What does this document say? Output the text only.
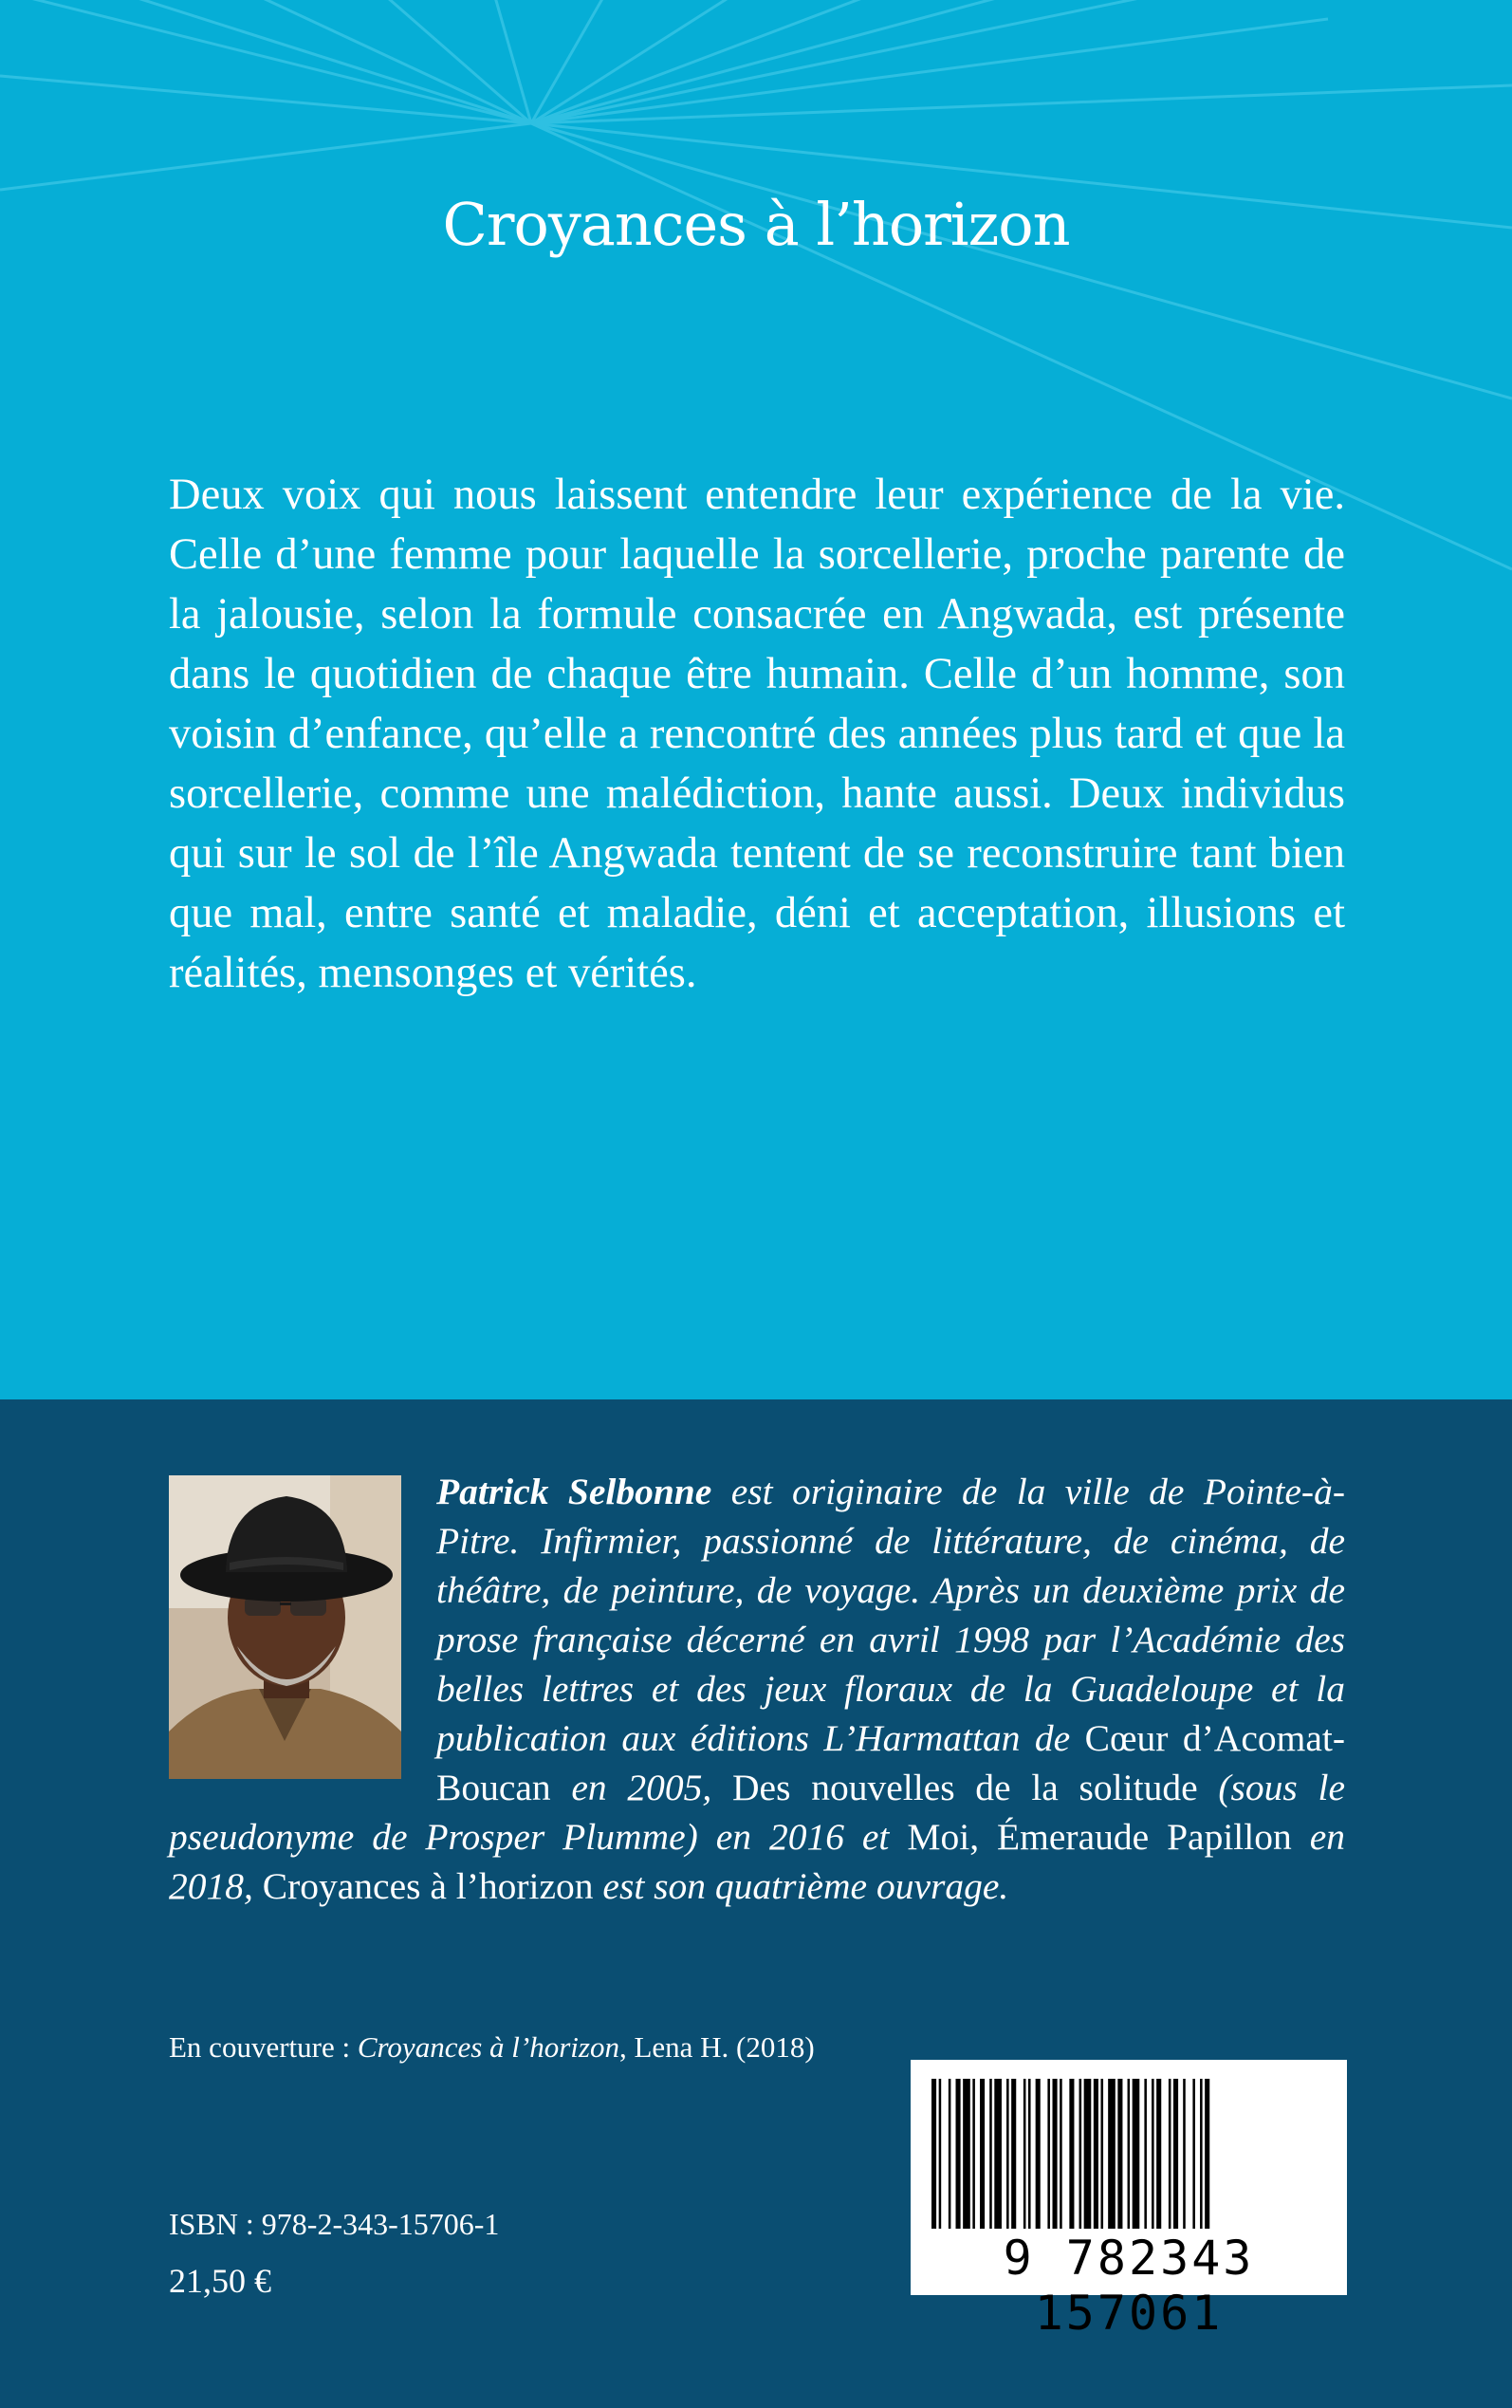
Croyances à l’horizon

Deux voix qui nous laissent entendre leur expérience de la vie. Celle d’une femme pour laquelle la sorcellerie, proche parente de la jalousie, selon la formule consacrée en Angwada, est présente dans le quotidien de chaque être humain. Celle d’un homme, son voisin d’enfance, qu’elle a rencontré des années plus tard et que la sorcellerie, comme une malédiction, hante aussi. Deux individus qui sur le sol de l’île Angwada tentent de se reconstruire tant bien que mal, entre santé et maladie, déni et acceptation, illusions et réalités, mensonges et vérités.

Patrick Selbonne est originaire de la ville de Pointe-à-Pitre. Infirmier, passionné de littérature, de cinéma, de théâtre, de peinture, de voyage. Après un deuxième prix de prose française décerné en avril 1998 par l’Académie des belles lettres et des jeux floraux de la Guadeloupe et la publication aux éditions L’Harmattan de Cœur d’Acomat-Boucan en 2005, Des nouvelles de la solitude (sous le pseudonyme de Prosper Plumme) en 2016 et Moi, Émeraude Papillon en 2018, Croyances à l’horizon est son quatrième ouvrage.

En couverture : Croyances à l’horizon, Lena H. (2018)

ISBN : 978-2-343-15706-1

21,50 €	9 782343 157061
